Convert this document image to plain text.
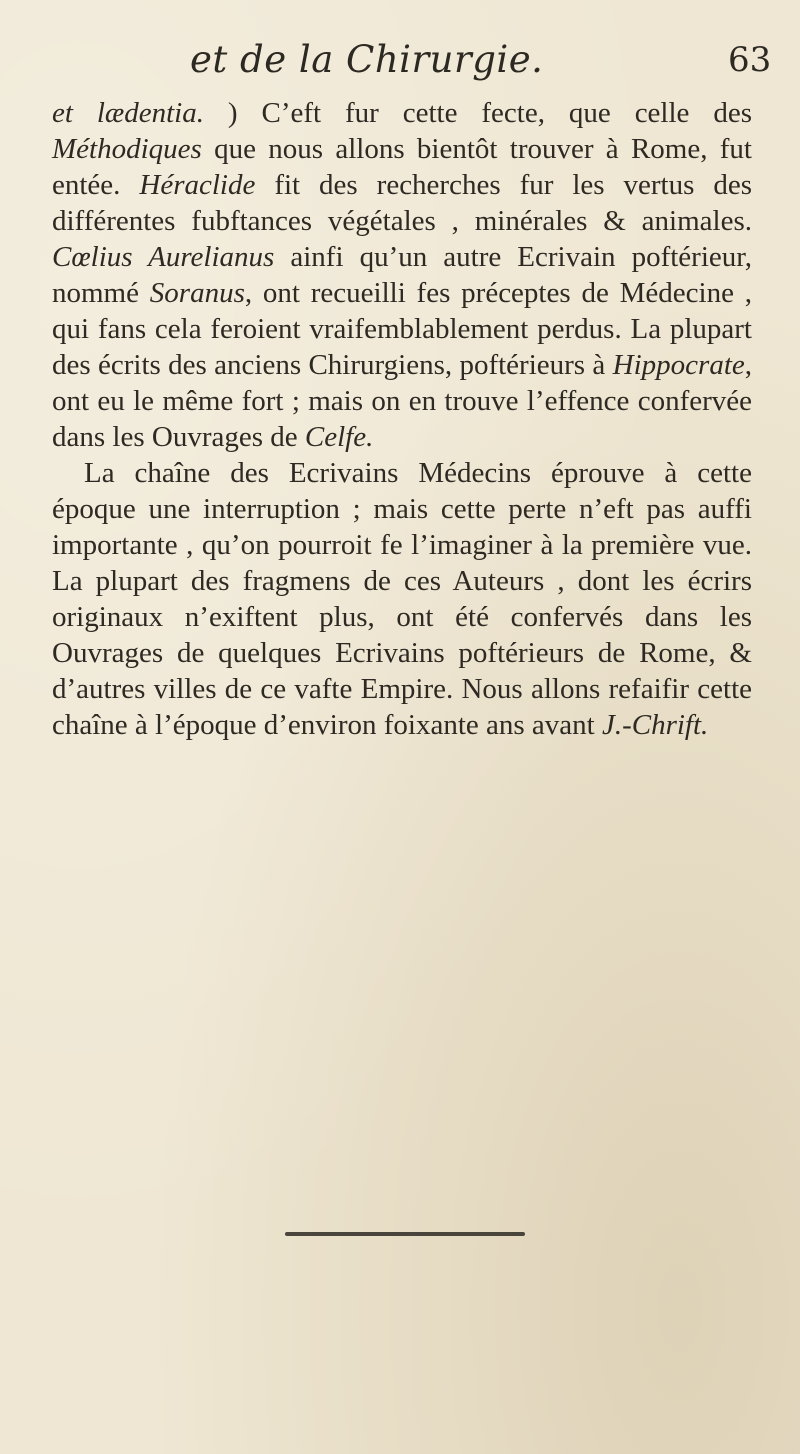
et de la Chirurgie.	63

et lædentia. ) C’eft fur cette fecte, que celle des Méthodiques que nous allons bientôt trouver à Rome, fut entée. Héraclide fit des recherches fur les vertus des différentes fubftances végétales , minérales & animales. Cœlius Aurelianus ainfi qu’un autre Ecrivain poftérieur, nommé Soranus, ont recueilli fes préceptes de Médecine , qui fans cela feroient vraifemblablement perdus. La plupart des écrits des anciens Chirurgiens, poftérieurs à Hippocrate, ont eu le même fort ; mais on en trouve l’effence confervée dans les Ouvrages de Celfe.

La chaîne des Ecrivains Médecins éprouve à cette époque une interruption ; mais cette perte n’eft pas auffi importante , qu’on pourroit fe l’imaginer à la première vue. La plupart des fragmens de ces Auteurs , dont les écrirs originaux n’exiftent plus, ont été confervés dans les Ouvrages de quelques Ecrivains poftérieurs de Rome, & d’autres villes de ce vafte Empire. Nous allons refaifir cette chaîne à l’époque d’environ foixante ans avant J.-Chrift.
